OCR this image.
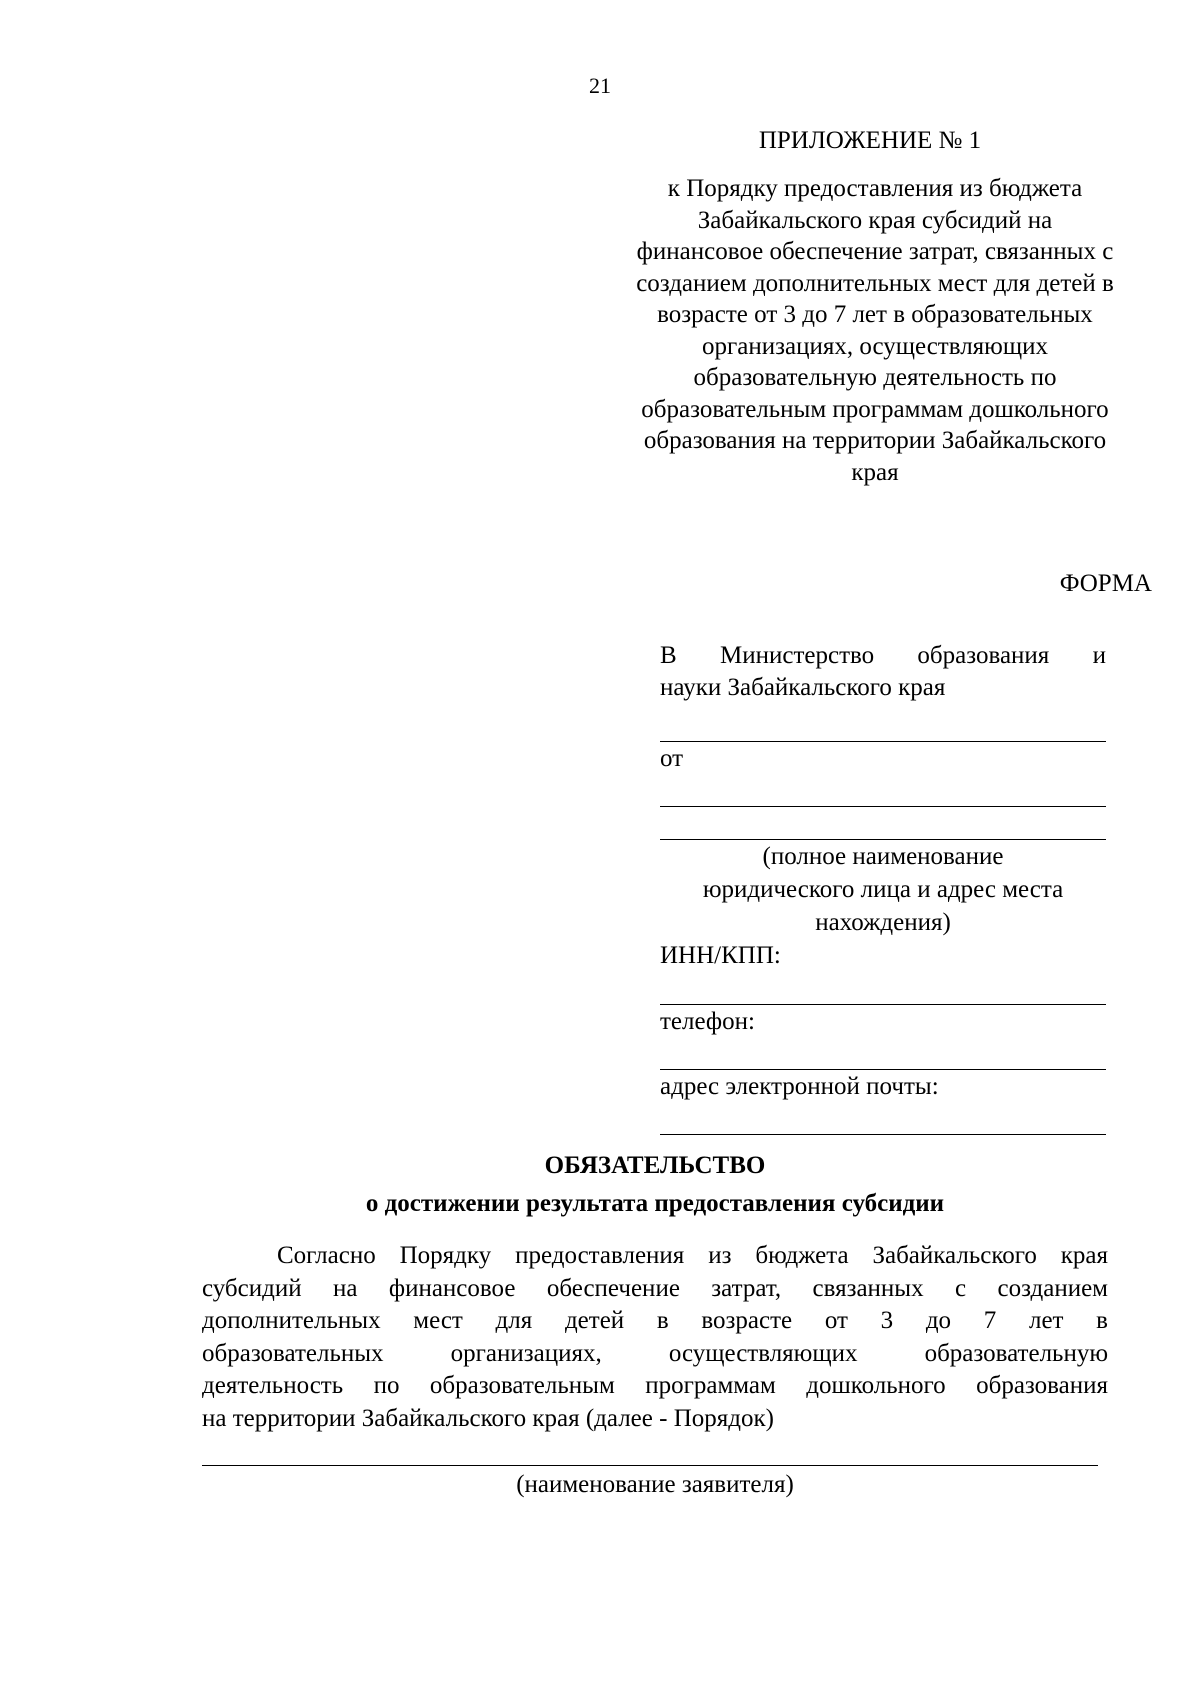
21
ПРИЛОЖЕНИЕ № 1
к Порядку предоставления из бюджета
Забайкальского края субсидий на
финансовое обеспечение затрат, связанных с
созданием дополнительных мест для детей в
возрасте от 3 до 7 лет в образовательных
организациях, осуществляющих
образовательную деятельность по
образовательным программам дошкольного
образования на территории Забайкальского
края
ФОРМА
В Министерство образования и
науки Забайкальского края
от
(полное наименование
юридического лица и адрес места
нахождения)
ИНН/КПП:
телефон:
адрес электронной почты:
ОБЯЗАТЕЛЬСТВО
о достижении результата предоставления субсидии
Согласно Порядку предоставления из бюджета Забайкальского края
субсидий на финансовое обеспечение затрат, связанных с созданием
дополнительных мест для детей в возрасте от 3 до 7 лет в
образовательных организациях, осуществляющих образовательную
деятельность по образовательным программам дошкольного образования
на территории Забайкальского края (далее - Порядок)
(наименование заявителя)
